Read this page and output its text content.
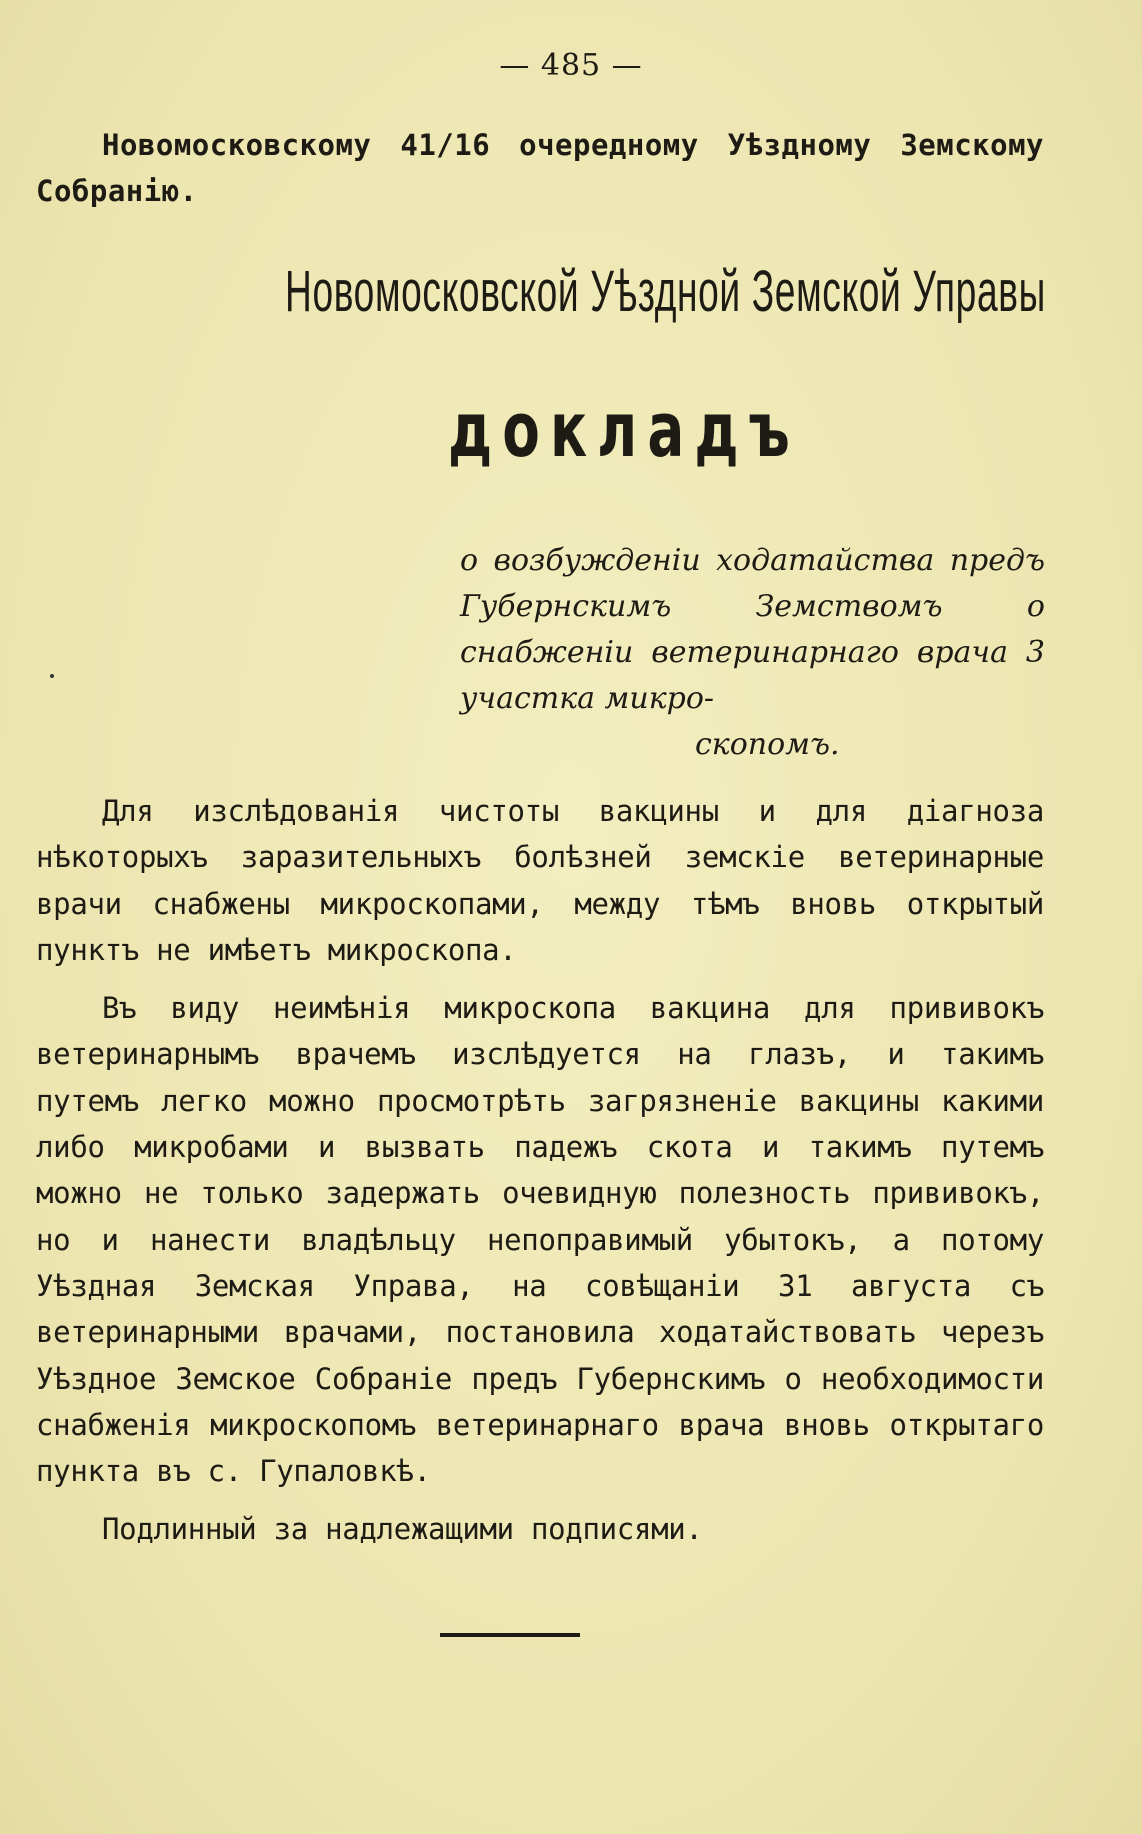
— 485 —
Новомосковскому 41/16 очередному Уѣздному Земскому Собранію.
Новомосковской Уѣздной Земской Управы
докладъ
о возбужденіи ходатайства предъ Губернскимъ Земствомъ о снабженіи ветеринарнаго врача 3 участка микро-
скопомъ.

Для изслѣдованія чистоты вакцины и для діагноза нѣкоторыхъ заразительныхъ болѣзней земскіе ветеринарные врачи снабжены микроскопами, между тѣмъ вновь открытый пунктъ не имѣетъ микроскопа.

Въ виду неимѣнія микроскопа вакцина для прививокъ ветеринарнымъ врачемъ изслѣдуется на глазъ, и такимъ путемъ легко можно просмотрѣть загрязненіе вакцины какими либо микробами и вызвать падежъ скота и такимъ путемъ можно не только задержать очевидную полезность прививокъ, но и нанести владѣльцу непоправимый убытокъ, а потому Уѣздная Земская Управа, на совѣщаніи 31 августа съ ветеринарными врачами, постановила ходатайствовать черезъ Уѣздное Земское Собраніе предъ Губернскимъ о необходимости снабженія микроскопомъ ветеринарнаго врача вновь открытаго пункта въ с. Гупаловкѣ.

Подлинный за надлежащими подписями.
